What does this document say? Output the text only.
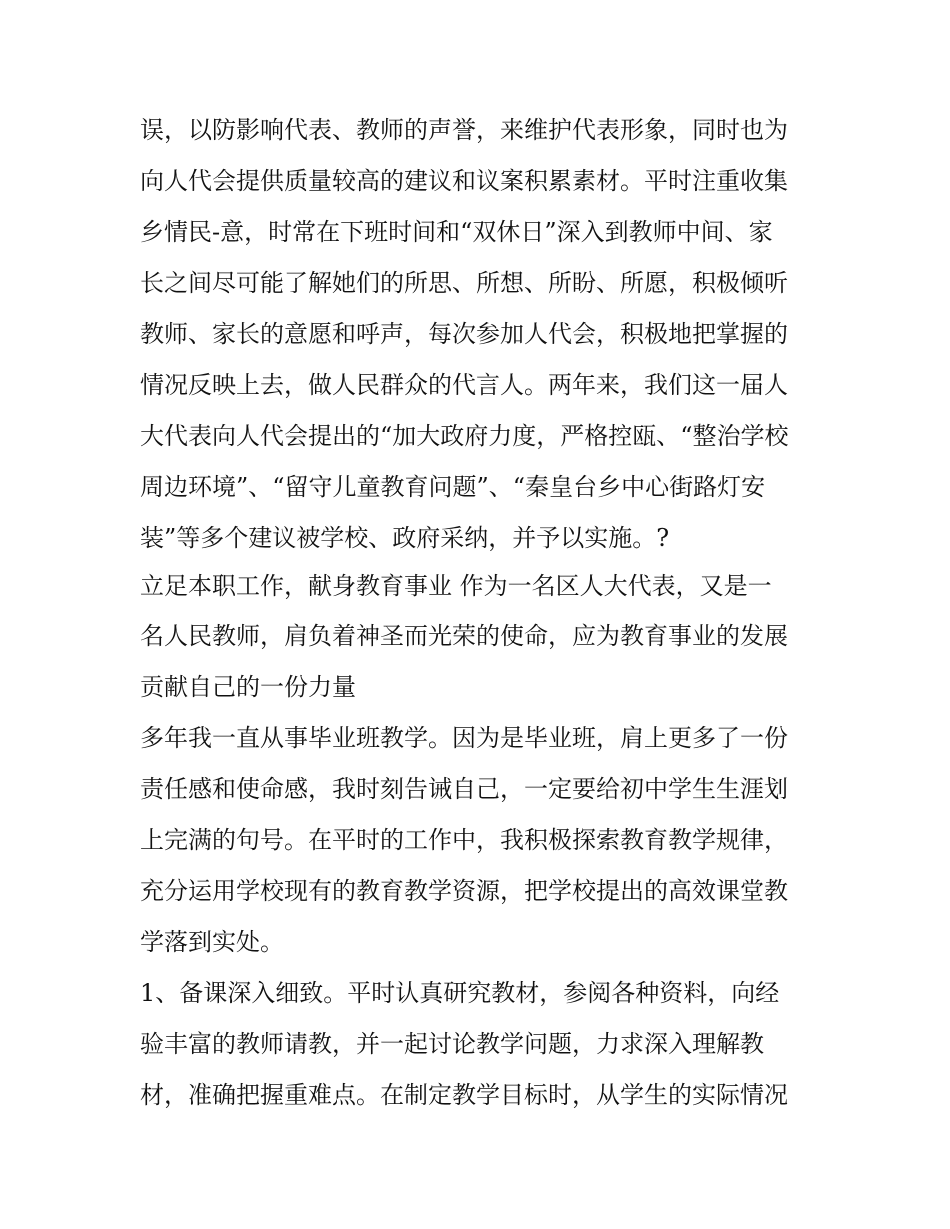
误，以防影响代表、教师的声誉，来维护代表形象，同时也为
向人代会提供质量较高的建议和议案积累素材。平时注重收集
乡情民-意，时常在下班时间和“双休日”深入到教师中间、家
长之间尽可能了解她们的所思、所想、所盼、所愿，积极倾听
教师、家长的意愿和呼声，每次参加人代会，积极地把掌握的
情况反映上去，做人民群众的代言人。两年来，我们这一届人
大代表向人代会提出的“加大政府力度，严格控瓯、“整治学校
周边环境”、“留守儿童教育问题”、“秦皇台乡中心街路灯安
装”等多个建议被学校、政府采纳，并予以实施。?
立足本职工作，献身教育事业 作为一名区人大代表，又是一
名人民教师，肩负着神圣而光荣的使命，应为教育事业的发展
贡献自己的一份力量
多年我一直从事毕业班教学。因为是毕业班，肩上更多了一份
责任感和使命感，我时刻告诫自己，一定要给初中学生生涯划
上完满的句号。在平时的工作中，我积极探索教育教学规律，
充分运用学校现有的教育教学资源，把学校提出的高效课堂教
学落到实处。
1、备课深入细致。平时认真研究教材，参阅各种资料，向经
验丰富的教师请教，并一起讨论教学问题，力求深入理解教
材，准确把握重难点。在制定教学目标时，从学生的实际情况
